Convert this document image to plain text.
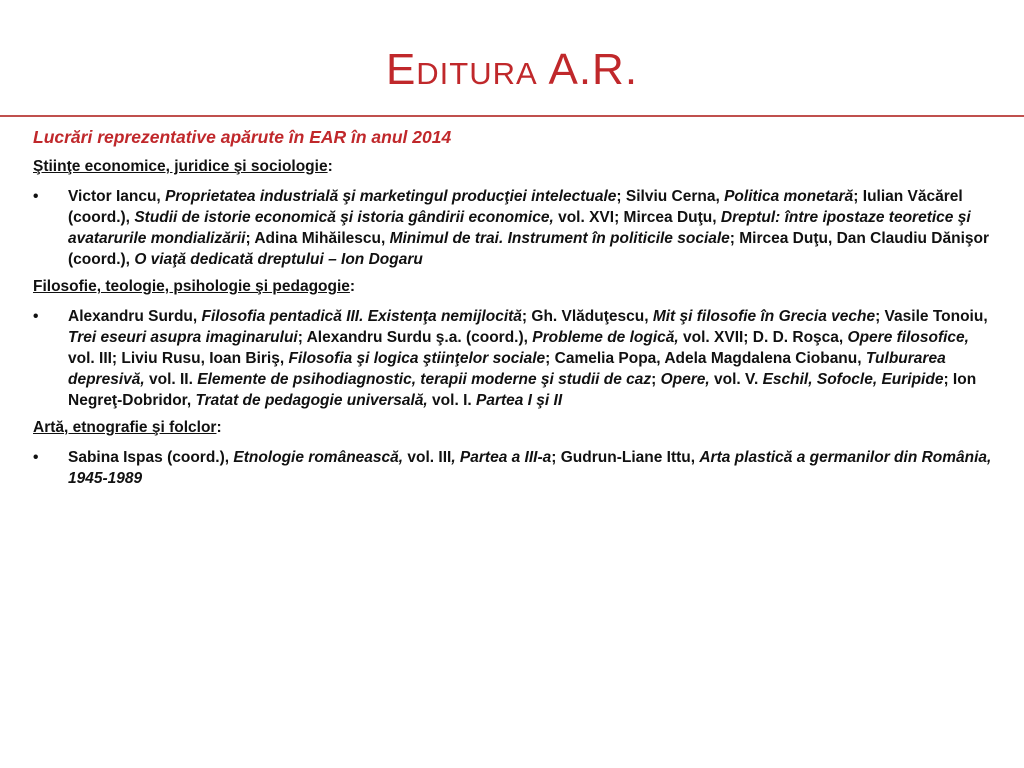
Editura A.R.
Lucrări reprezentative apărute în EAR în anul 2014
Ştiinţe economice, juridice şi sociologie:
• Victor Iancu, Proprietatea industrială şi marketingul producţiei intelectuale; Silviu Cerna, Politica monetară; Iulian Văcărel (coord.), Studii de istorie economică şi istoria gândirii economice, vol. XVI; Mircea Duţu, Dreptul: între ipostaze teoretice şi avatarurile mondializării; Adina Mihăilescu, Minimul de trai. Instrument în politicile sociale; Mircea Duţu, Dan Claudiu Dănişor (coord.), O viaţă dedicată dreptului – Ion Dogaru
Filosofie, teologie, psihologie şi pedagogie:
• Alexandru Surdu, Filosofia pentadică III. Existenţa nemijlocită; Gh. Vlăduţescu, Mit şi filosofie în Grecia veche; Vasile Tonoiu, Trei eseuri asupra imaginarului; Alexandru Surdu ş.a. (coord.), Probleme de logică, vol. XVII; D. D. Roşca, Opere filosofice, vol. III; Liviu Rusu, Ioan Biriş, Filosofia şi logica ştiinţelor sociale; Camelia Popa, Adela Magdalena Ciobanu, Tulburarea depresivă, vol. II. Elemente de psihodiagnostic, terapii moderne şi studii de caz; Opere, vol. V. Eschil, Sofocle, Euripide; Ion Negreţ-Dobridor, Tratat de pedagogie universală, vol. I. Partea I şi II
Artă, etnografie şi folclor:
• Sabina Ispas (coord.), Etnologie românească, vol. III, Partea a III-a; Gudrun-Liane Ittu, Arta plastică a germanilor din România, 1945-1989
